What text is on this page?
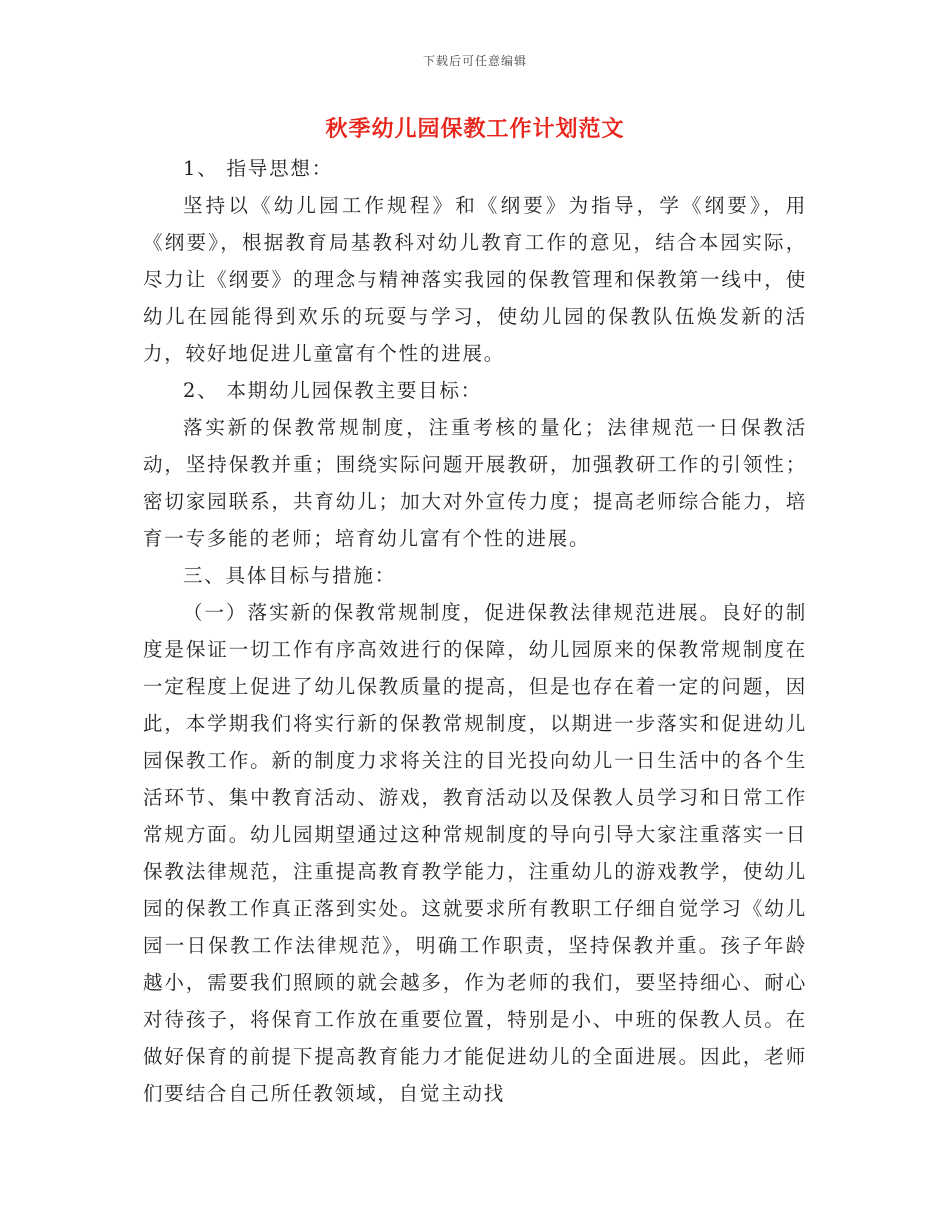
下载后可任意编辑
秋季幼儿园保教工作计划范文

1、 指导思想：

坚持以《幼儿园工作规程》和《纲要》为指导，学《纲要》，用《纲要》，根据教育局基教科对幼儿教育工作的意见，结合本园实际，尽力让《纲要》的理念与精神落实我园的保教管理和保教第一线中，使幼儿在园能得到欢乐的玩耍与学习，使幼儿园的保教队伍焕发新的活力，较好地促进儿童富有个性的进展。

2、 本期幼儿园保教主要目标：

落实新的保教常规制度，注重考核的量化；法律规范一日保教活动，坚持保教并重；围绕实际问题开展教研，加强教研工作的引领性；密切家园联系，共育幼儿；加大对外宣传力度；提高老师综合能力，培育一专多能的老师；培育幼儿富有个性的进展。

三、具体目标与措施：

（一）落实新的保教常规制度，促进保教法律规范进展。良好的制度是保证一切工作有序高效进行的保障，幼儿园原来的保教常规制度在一定程度上促进了幼儿保教质量的提高，但是也存在着一定的问题，因此，本学期我们将实行新的保教常规制度，以期进一步落实和促进幼儿园保教工作。新的制度力求将关注的目光投向幼儿一日生活中的各个生活环节、集中教育活动、游戏，教育活动以及保教人员学习和日常工作常规方面。幼儿园期望通过这种常规制度的导向引导大家注重落实一日保教法律规范，注重提高教育教学能力，注重幼儿的游戏教学，使幼儿园的保教工作真正落到实处。这就要求所有教职工仔细自觉学习《幼儿园一日保教工作法律规范》，明确工作职责，坚持保教并重。孩子年龄越小，需要我们照顾的就会越多，作为老师的我们，要坚持细心、耐心对待孩子，将保育工作放在重要位置，特别是小、中班的保教人员。在做好保育的前提下提高教育能力才能促进幼儿的全面进展。因此，老师们要结合自己所任教领域，自觉主动找
